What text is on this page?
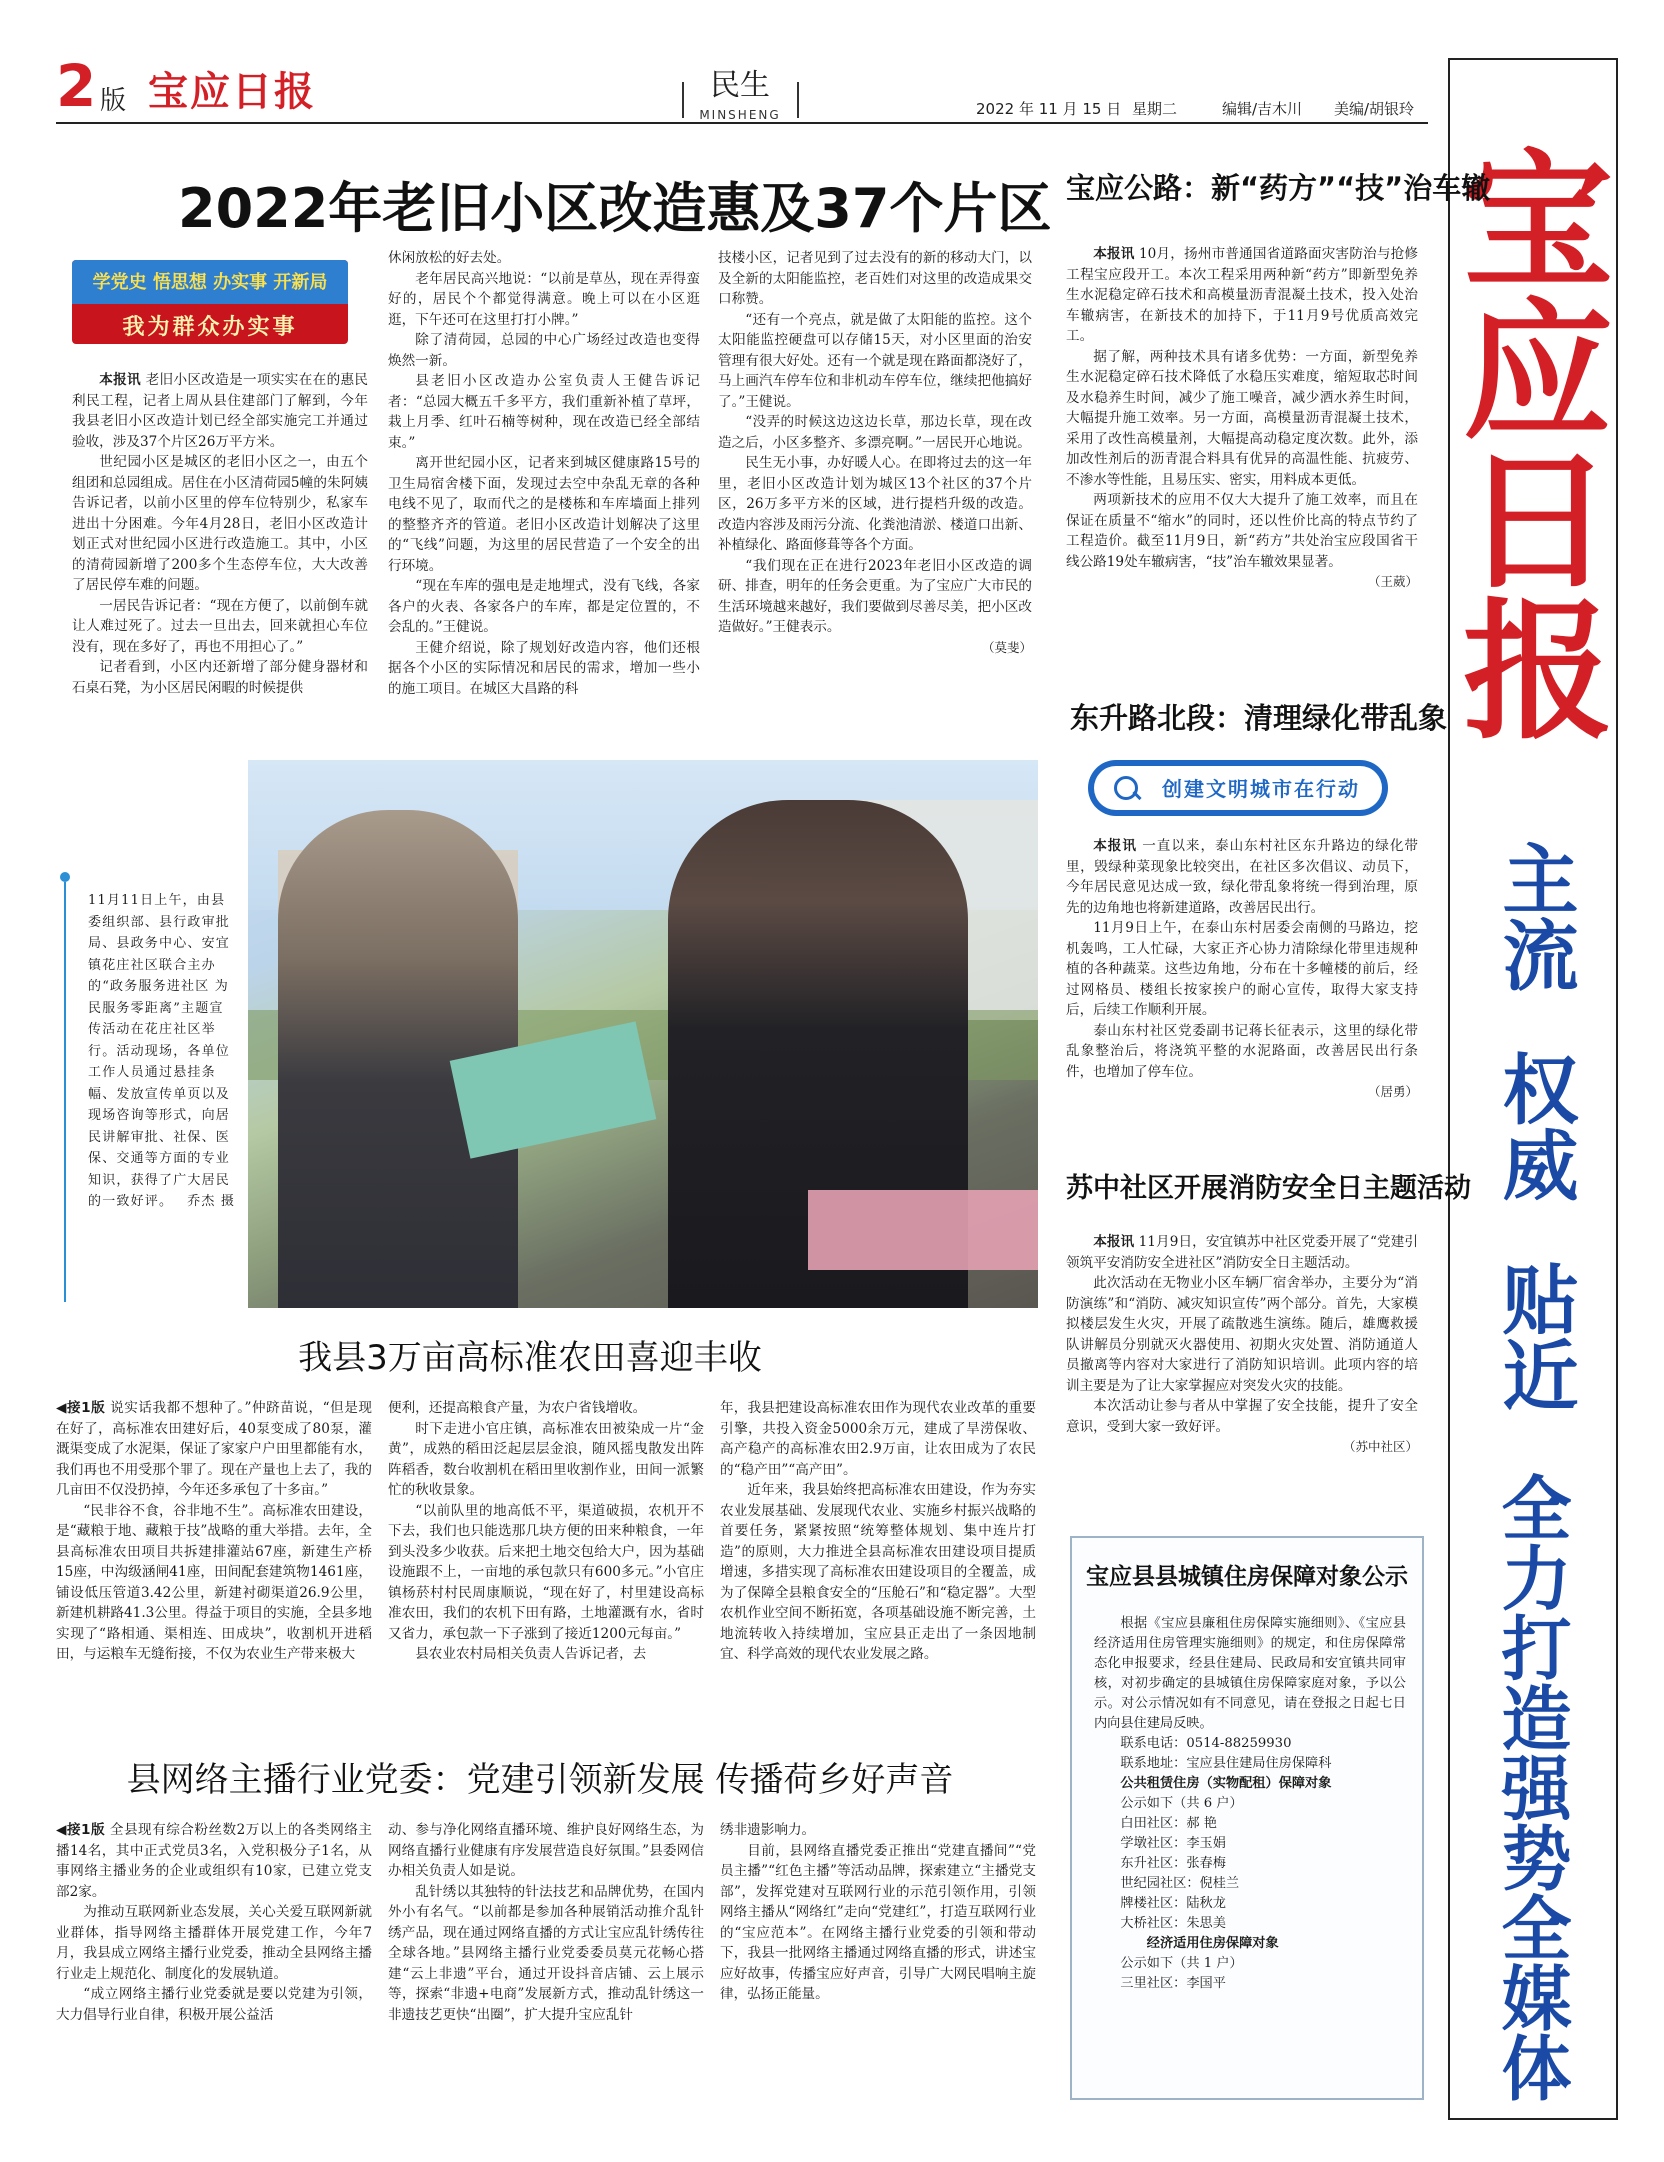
2 版 宝应日报	民生
MINSHENG	2022 年 11 月 15 日 星期二	编辑/吉木川 美编/胡银玲
宝应日报
主流
权威
贴近
全力打造强势全媒体
2022年老旧小区改造惠及37个片区
学党史 悟思想 办实事 开新局
我为群众办实事

本报讯 老旧小区改造是一项实实在在的惠民利民工程，记者上周从县住建部门了解到，今年我县老旧小区改造计划已经全部实施完工并通过验收，涉及37个片区26万平方米。

世纪园小区是城区的老旧小区之一，由五个组团和总园组成。居住在小区清荷园5幢的朱阿姨告诉记者，以前小区里的停车位特别少，私家车进出十分困难。今年4月28日，老旧小区改造计划正式对世纪园小区进行改造施工。其中，小区的清荷园新增了200多个生态停车位，大大改善了居民停车难的问题。

一居民告诉记者：“现在方便了，以前倒车就让人难过死了。过去一旦出去，回来就担心车位没有，现在多好了，再也不用担心了。”

记者看到，小区内还新增了部分健身器材和石桌石凳，为小区居民闲暇的时候提供

休闲放松的好去处。

老年居民高兴地说：“以前是草丛，现在弄得蛮好的，居民个个都觉得满意。晚上可以在小区逛逛，下午还可在这里打打小牌。”

除了清荷园，总园的中心广场经过改造也变得焕然一新。

县老旧小区改造办公室负责人王健告诉记者：“总园大概五千多平方，我们重新补植了草坪，栽上月季、红叶石楠等树种，现在改造已经全部结束。”

离开世纪园小区，记者来到城区健康路15号的卫生局宿舍楼下面，发现过去空中杂乱无章的各种电线不见了，取而代之的是楼栋和车库墙面上排列的整整齐齐的管道。老旧小区改造计划解决了这里的“飞线”问题，为这里的居民营造了一个安全的出行环境。

“现在车库的强电是走地埋式，没有飞线，各家各户的火表、各家各户的车库，都是定位置的，不会乱的。”王健说。

王健介绍说，除了规划好改造内容，他们还根据各个小区的实际情况和居民的需求，增加一些小的施工项目。在城区大昌路的科

技楼小区，记者见到了过去没有的新的移动大门，以及全新的太阳能监控，老百姓们对这里的改造成果交口称赞。

“还有一个亮点，就是做了太阳能的监控。这个太阳能监控硬盘可以存储15天，对小区里面的治安管理有很大好处。还有一个就是现在路面都浇好了，马上画汽车停车位和非机动车停车位，继续把他搞好了。”王健说。

“没弄的时候这边这边长草，那边长草，现在改造之后，小区多整齐、多漂亮啊。”一居民开心地说。

民生无小事，办好暖人心。在即将过去的这一年里，老旧小区改造计划为城区13个社区的37个片区，26万多平方米的区域，进行提档升级的改造。改造内容涉及雨污分流、化粪池清淤、楼道口出新、补植绿化、路面修葺等各个方面。

“我们现在正在进行2023年老旧小区改造的调研、排查，明年的任务会更重。为了宝应广大市民的生活环境越来越好，我们要做到尽善尽美，把小区改造做好。”王健表示。

（莫斐）
11月11日上午，由县委组织部、县行政审批局、县政务中心、安宜镇花庄社区联合主办的“政务服务进社区 为民服务零距离”主题宣传活动在花庄社区举行。活动现场，各单位工作人员通过悬挂条幅、发放宣传单页以及现场咨询等形式，向居民讲解审批、社保、医保、交通等方面的专业知识，获得了广大居民的一致好评。 乔杰 摄
我县3万亩高标准农田喜迎丰收

◀接1版 说实话我都不想种了。”仲跻苗说，“但是现在好了，高标准农田建好后，40泵变成了80泵，灌溉渠变成了水泥渠，保证了家家户户田里都能有水，我们再也不用受那个罪了。现在产量也上去了，我的几亩田不仅没扔掉，今年还多承包了十多亩。”

“民非谷不食，谷非地不生”。高标准农田建设，是“藏粮于地、藏粮于技”战略的重大举措。去年，全县高标准农田项目共拆建排灌站67座，新建生产桥15座，中沟级涵闸41座，田间配套建筑物1461座，铺设低压管道3.42公里，新建衬砌渠道26.9公里，新建机耕路41.3公里。得益于项目的实施，全县多地实现了“路相通、渠相连、田成块”，收割机开进稻田，与运粮车无缝衔接，不仅为农业生产带来极大

便利，还提高粮食产量，为农户省钱增收。

时下走进小官庄镇，高标准农田被染成一片“金黄”，成熟的稻田泛起层层金浪，随风摇曳散发出阵阵稻香，数台收割机在稻田里收割作业，田间一派繁忙的秋收景象。

“以前队里的地高低不平，渠道破损，农机开不下去，我们也只能选那几块方便的田来种粮食，一年到头没多少收获。后来把土地交包给大户，因为基础设施跟不上，一亩地的承包款只有600多元。”小官庄镇杨菸村村民周康顺说，“现在好了，村里建设高标准农田，我们的农机下田有路，土地灌溉有水，省时又省力，承包款一下子涨到了接近1200元每亩。”

县农业农村局相关负责人告诉记者，去

年，我县把建设高标准农田作为现代农业改革的重要引擎，共投入资金5000余万元，建成了旱涝保收、高产稳产的高标准农田2.9万亩，让农田成为了农民的“稳产田”“高产田”。

近年来，我县始终把高标准农田建设，作为夯实农业发展基础、发展现代农业、实施乡村振兴战略的首要任务，紧紧按照“统筹整体规划、集中连片打造”的原则，大力推进全县高标准农田建设项目提质增速，多措实现了高标准农田建设项目的全覆盖，成为了保障全县粮食安全的“压舱石”和“稳定器”。大型农机作业空间不断拓宽，各项基础设施不断完善，土地流转收入持续增加，宝应县正走出了一条因地制宜、科学高效的现代农业发展之路。

县网络主播行业党委：党建引领新发展 传播荷乡好声音

◀接1版 全县现有综合粉丝数2万以上的各类网络主播14名，其中正式党员3名，入党积极分子1名，从事网络主播业务的企业或组织有10家，已建立党支部2家。

为推动互联网新业态发展，关心关爱互联网新就业群体，指导网络主播群体开展党建工作，今年7月，我县成立网络主播行业党委，推动全县网络主播行业走上规范化、制度化的发展轨道。

“成立网络主播行业党委就是要以党建为引领，大力倡导行业自律，积极开展公益活

动、参与净化网络直播环境、维护良好网络生态，为网络直播行业健康有序发展营造良好氛围。”县委网信办相关负责人如是说。

乱针绣以其独特的针法技艺和品牌优势，在国内外小有名气。“以前都是参加各种展销活动推介乱针绣产品，现在通过网络直播的方式让宝应乱针绣传往全球各地。”县网络主播行业党委委员莫元花畅心搭建“云上非遗”平台，通过开设抖音店铺、云上展示等，探索“非遗+电商”发展新方式，推动乱针绣这一非遗技艺更快“出圈”，扩大提升宝应乱针

绣非遗影响力。

目前，县网络直播党委正推出“党建直播间”“党员主播”“红色主播”等活动品牌，探索建立“主播党支部”，发挥党建对互联网行业的示范引领作用，引领网络主播从“网络红”走向“党建红”，打造互联网行业的“宝应范本”。在网络主播行业党委的引领和带动下，我县一批网络主播通过网络直播的形式，讲述宝应好故事，传播宝应好声音，引导广大网民唱响主旋律，弘扬正能量。

宝应公路：新“药方”“技”治车辙

本报讯 10月，扬州市普通国省道路面灾害防治与抢修工程宝应段开工。本次工程采用两种新“药方”即新型免养生水泥稳定碎石技术和高模量沥青混凝土技术，投入处治车辙病害，在新技术的加持下，于11月9号优质高效完工。

据了解，两种技术具有诸多优势：一方面，新型免养生水泥稳定碎石技术降低了水稳压实难度，缩短取芯时间及水稳养生时间，减少了施工噪音，减少洒水养生时间，大幅提升施工效率。另一方面，高模量沥青混凝土技术，采用了改性高模量剂，大幅提高动稳定度次数。此外，添加改性剂后的沥青混合料具有优异的高温性能、抗疲劳、不渗水等性能，且易压实、密实，用料成本更低。

两项新技术的应用不仅大大提升了施工效率，而且在保证在质量不“缩水”的同时，还以性价比高的特点节约了工程造价。截至11月9日，新“药方”共处治宝应段国省干线公路19处车辙病害，“技”治车辙效果显著。

（王葳）
东升路北段：清理绿化带乱象
创建文明城市在行动

本报讯 一直以来，泰山东村社区东升路边的绿化带里，毁绿种菜现象比较突出，在社区多次倡议、动员下，今年居民意见达成一致，绿化带乱象将统一得到治理，原先的边角地也将新建道路，改善居民出行。

11月9日上午，在泰山东村居委会南侧的马路边，挖机轰鸣，工人忙碌，大家正齐心协力清除绿化带里违规种植的各种蔬菜。这些边角地，分布在十多幢楼的前后，经过网格员、楼组长按家挨户的耐心宣传，取得大家支持后，后续工作顺利开展。

泰山东村社区党委副书记蒋长征表示，这里的绿化带乱象整治后，将浇筑平整的水泥路面，改善居民出行条件，也增加了停车位。

（居勇）
苏中社区开展消防安全日主题活动

本报讯 11月9日，安宜镇苏中社区党委开展了“党建引领筑平安消防安全进社区”消防安全日主题活动。

此次活动在无物业小区车辆厂宿舍举办，主要分为“消防演练”和“消防、减灾知识宣传”两个部分。首先，大家模拟楼层发生火灾，开展了疏散逃生演练。随后，雄鹰救援队讲解员分别就灭火器使用、初期火灾处置、消防通道人员撤离等内容对大家进行了消防知识培训。此项内容的培训主要是为了让大家掌握应对突发火灾的技能。

本次活动让参与者从中掌握了安全技能，提升了安全意识，受到大家一致好评。

（苏中社区）
宝应县县城镇住房保障对象公示

根据《宝应县廉租住房保障实施细则》、《宝应县经济适用住房管理实施细则》的规定，和住房保障常态化申报要求，经县住建局、民政局和安宜镇共同审核，对初步确定的县城镇住房保障家庭对象，予以公示。对公示情况如有不同意见，请在登报之日起七日内向县住建局反映。

联系电话：0514-88259930

联系地址：宝应县住建局住房保障科

公共租赁住房（实物配租）保障对象

公示如下（共 6 户）

白田社区：郝 艳

学墩社区：李玉娟

东升社区：张春梅

世纪园社区：倪桂兰

牌楼社区：陆秋龙

大桥社区：朱思美

经济适用住房保障对象

公示如下（共 1 户）

三里社区：李国平
